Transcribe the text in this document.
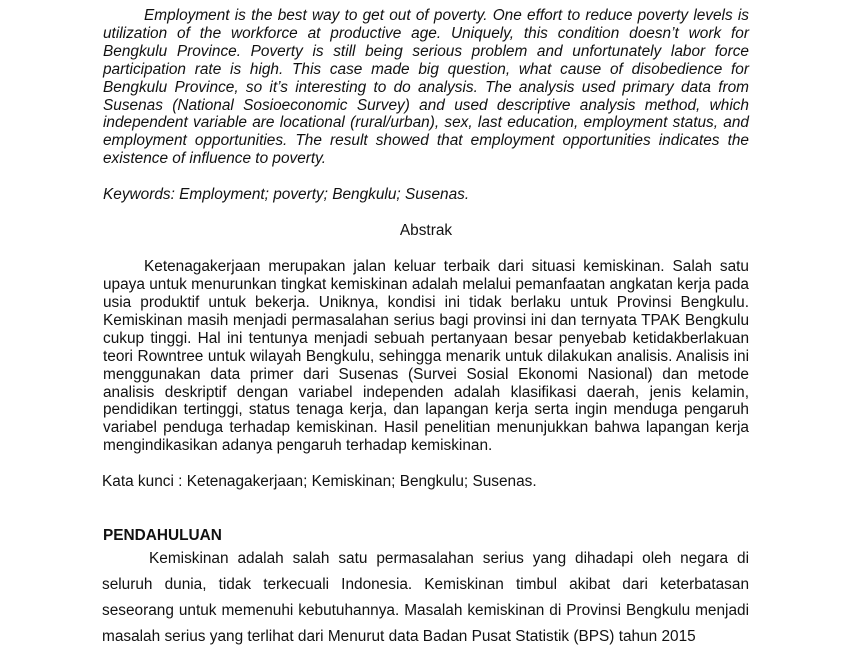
Employment is the best way to get out of poverty. One effort to reduce poverty levels is utilization of the workforce at productive age. Uniquely, this condition doesn’t work for Bengkulu Province. Poverty is still being serious problem and unfortunately labor force participation rate is high. This case made big question, what cause of disobedience for Bengkulu Province, so it’s interesting to do analysis. The analysis used primary data from Susenas (National Sosioeconomic Survey) and used descriptive analysis method, which independent variable are locational (rural/urban), sex, last education, employment status, and employment opportunities. The result showed that employment opportunities indicates the existence of influence to poverty.

Keywords: Employment; poverty; Bengkulu; Susenas.

Abstrak

Ketenagakerjaan merupakan jalan keluar terbaik dari situasi kemiskinan. Salah satu upaya untuk menurunkan tingkat kemiskinan adalah melalui pemanfaatan angkatan kerja pada usia produktif untuk bekerja. Uniknya, kondisi ini tidak berlaku untuk Provinsi Bengkulu. Kemiskinan masih menjadi permasalahan serius bagi provinsi ini dan ternyata TPAK Bengkulu cukup tinggi. Hal ini tentunya menjadi sebuah pertanyaan besar penyebab ketidakberlakuan teori Rowntree untuk wilayah Bengkulu, sehingga menarik untuk dilakukan analisis. Analisis ini menggunakan data primer dari Susenas (Survei Sosial Ekonomi Nasional) dan metode analisis deskriptif dengan variabel independen adalah klasifikasi daerah, jenis kelamin, pendidikan tertinggi, status tenaga kerja, dan lapangan kerja serta ingin menduga pengaruh variabel penduga terhadap kemiskinan. Hasil penelitian menunjukkan bahwa lapangan kerja mengindikasikan adanya pengaruh terhadap kemiskinan.

Kata kunci : Ketenagakerjaan; Kemiskinan; Bengkulu; Susenas.

PENDAHULUAN

Kemiskinan adalah salah satu permasalahan serius yang dihadapi oleh negara di seluruh dunia, tidak terkecuali Indonesia. Kemiskinan timbul akibat dari keterbatasan seseorang untuk memenuhi kebutuhannya. Masalah kemiskinan di Provinsi Bengkulu menjadi masalah serius yang terlihat dari Menurut data Badan Pusat Statistik (BPS) tahun 2015
